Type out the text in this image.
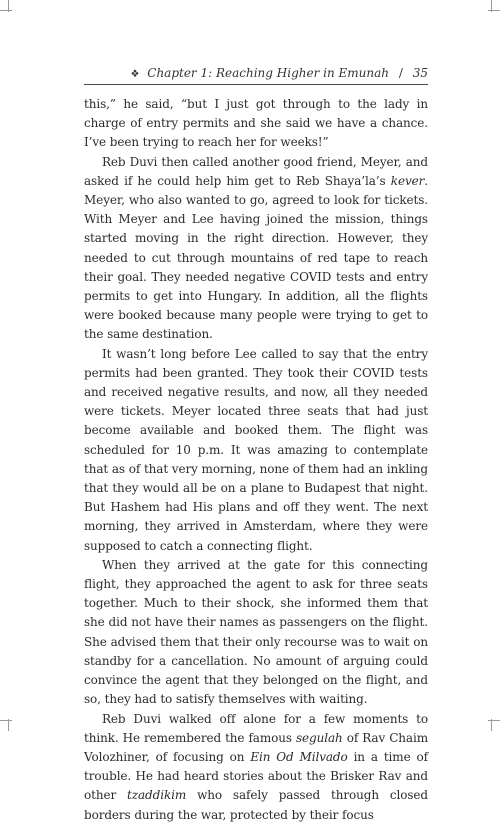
❖ Chapter 1: Reaching Higher in Emunah / 35

this,” he said, “but I just got through to the lady in charge of entry permits and she said we have a chance. I’ve been trying to reach her for weeks!”

Reb Duvi then called another good friend, Meyer, and asked if he could help him get to Reb Shaya’la’s kever. Meyer, who also wanted to go, agreed to look for tickets. With Meyer and Lee having joined the mission, things started moving in the right direction. However, they needed to cut through mountains of red tape to reach their goal. They needed negative COVID tests and entry permits to get into Hungary. In addition, all the flights were booked because many people were trying to get to the same destination.

It wasn’t long before Lee called to say that the entry permits had been granted. They took their COVID tests and received negative results, and now, all they needed were tickets. Meyer located three seats that had just become available and booked them. The flight was scheduled for 10 p.m. It was amazing to contemplate that as of that very morning, none of them had an inkling that they would all be on a plane to Budapest that night. But Hashem had His plans and off they went. The next morning, they arrived in Amsterdam, where they were supposed to catch a connecting flight.

When they arrived at the gate for this connecting flight, they approached the agent to ask for three seats together. Much to their shock, she informed them that she did not have their names as passengers on the flight. She advised them that their only recourse was to wait on standby for a cancellation. No amount of arguing could convince the agent that they belonged on the flight, and so, they had to satisfy themselves with waiting.

Reb Duvi walked off alone for a few moments to think. He remembered the famous segulah of Rav Chaim Volozhiner, of focusing on Ein Od Milvado in a time of trouble. He had heard stories about the Brisker Rav and other tzaddikim who safely passed through closed borders during the war, protected by their focus
